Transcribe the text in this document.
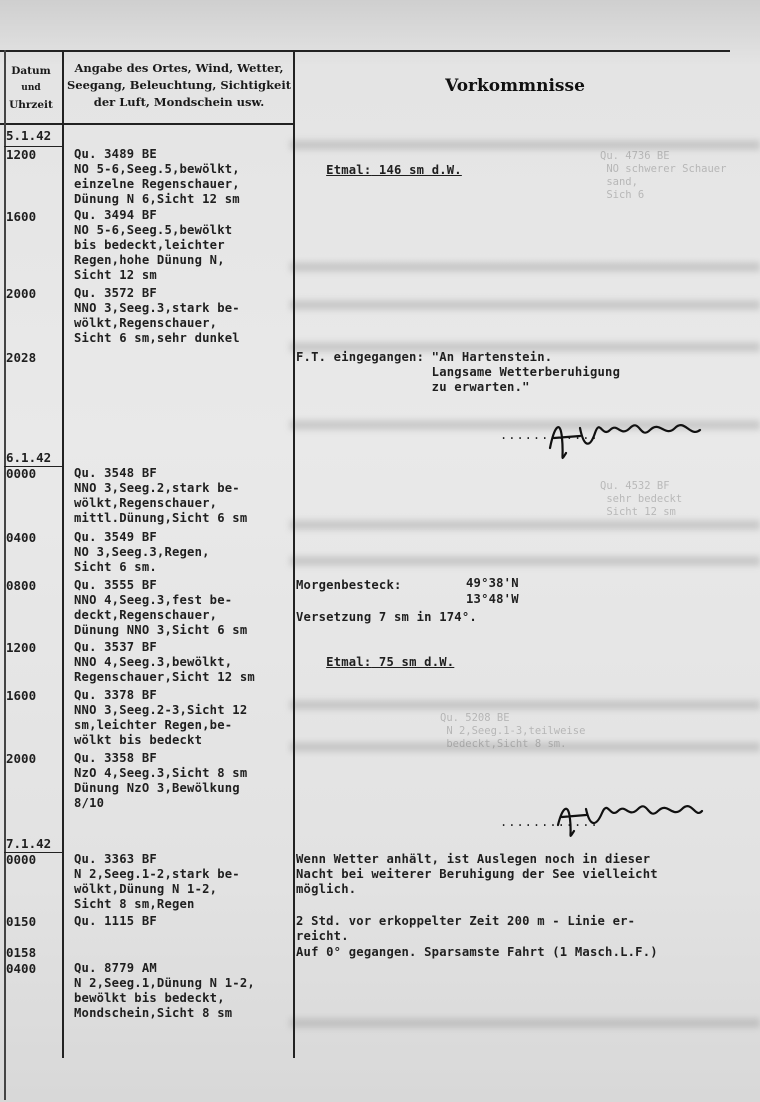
Qu. 4736 BE
NO schwerer Schauer
sand,
Sich 6
Qu. 4532 BF
sehr bedeckt
Sicht 12 sm
Qu. 5208 BE
N 2,Seeg.1-3,teilweise
bedeckt,Sicht 8 sm.
Datum
und
Uhrzeit
Angabe des Ortes, Wind, Wetter,
Seegang, Beleuchtung, Sichtigkeit
der Luft, Mondschein usw.
Vorkommnisse
5.1.42
6.1.42
7.1.42
1200
1600
2000
2028
0000
0400
0800
1200
1600
2000
0000
0150
0158
0400
Qu. 3489 BE
NO 5-6,Seeg.5,bewölkt,
einzelne Regenschauer,
Dünung N 6,Sicht 12 sm
Qu. 3494 BF
NO 5-6,Seeg.5,bewölkt
bis bedeckt,leichter
Regen,hohe Dünung N,
Sicht 12 sm
Qu. 3572 BF
NNO 3,Seeg.3,stark be-
wölkt,Regenschauer,
Sicht 6 sm,sehr dunkel
Qu. 3548 BF
NNO 3,Seeg.2,stark be-
wölkt,Regenschauer,
mittl.Dünung,Sicht 6 sm
Qu. 3549 BF
NO 3,Seeg.3,Regen,
Sicht 6 sm.
Qu. 3555 BF
NNO 4,Seeg.3,fest be-
deckt,Regenschauer,
Dünung NNO 3,Sicht 6 sm
Qu. 3537 BF
NNO 4,Seeg.3,bewölkt,
Regenschauer,Sicht 12 sm
Qu. 3378 BF
NNO 3,Seeg.2-3,Sicht 12
sm,leichter Regen,be-
wölkt bis bedeckt
Qu. 3358 BF
NzO 4,Seeg.3,Sicht 8 sm
Dünung NzO 3,Bewölkung
8/10
Qu. 3363 BF
N 2,Seeg.1-2,stark be-
wölkt,Dünung N 1-2,
Sicht 8 sm,Regen
Qu. 1115 BF
Qu. 8779 AM
N 2,Seeg.1,Dünung N 1-2,
bewölkt bis bedeckt,
Mondschein,Sicht 8 sm

Etmal: 146 sm d.W.

F.T. eingegangen: "An Hartenstein.
Langsame Wetterberuhigung
zu erwarten."
............
Morgenbesteck:	49°38'N
13°48'W
Versetzung 7 sm in 174°.

Etmal: 75 sm d.W.

............
Wenn Wetter anhält, ist Auslegen noch in dieser
Nacht bei weiterer Beruhigung der See vielleicht
möglich.
2 Std. vor erkoppelter Zeit 200 m - Linie er-
reicht.
Auf 0° gegangen. Sparsamste Fahrt (1 Masch.L.F.)
